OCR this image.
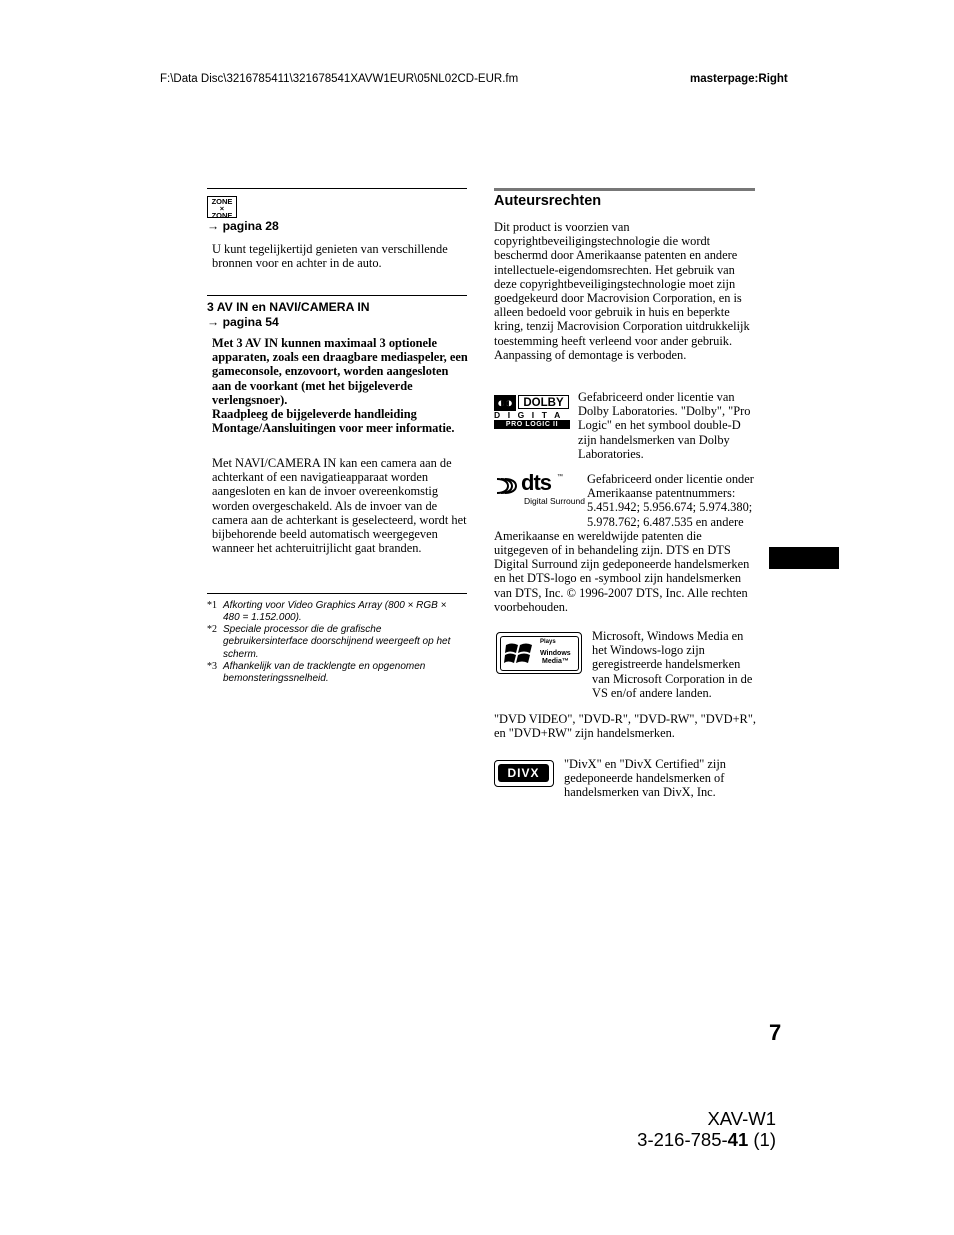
F:\Data Disc\3216785411\321678541XAVW1EUR\05NL02CD-EUR.fm	masterpage:Right
ZONE
×
ZONE
→ pagina 28

U kunt tegelijkertijd genieten van verschillende bronnen voor en achter in de auto.

3 AV IN en NAVI/CAMERA IN
→ pagina 54

Met 3 AV IN kunnen maximaal 3 optionele apparaten, zoals een draagbare mediaspeler, een gameconsole, enzovoort, worden aangesloten aan de voorkant (met het bijgeleverde verlengsnoer).

Raadpleeg de bijgeleverde handleiding Montage/Aansluitingen voor meer informatie.

Met NAVI/CAMERA IN kan een camera aan de achterkant of een navigatieapparaat worden aangesloten en kan de invoer overeenkomstig worden overgeschakeld. Als de invoer van de camera aan de achterkant is geselecteerd, wordt het bijbehorende beeld automatisch weergegeven wanneer het achteruitrijlicht gaat branden.

*1 Afkorting voor Video Graphics Array (800 × RGB × 480 = 1.152.000).

*2 Speciale processor die de grafische gebruikersinterface doorschijnend weergeeft op het scherm.

*3 Afhankelijk van de tracklengte en opgenomen bemonsteringssnelheid.

Auteursrechten

Dit product is voorzien van copyrightbeveiligingstechnologie die wordt beschermd door Amerikaanse patenten en andere intellectuele-eigendomsrechten. Het gebruik van deze copyrightbeveiligingstechnologie moet zijn goedgekeurd door Macrovision Corporation, en is alleen bedoeld voor gebruik in huis en beperkte kring, tenzij Macrovision Corporation uitdrukkelijk toestemming heeft verleend voor ander gebruik. Aanpassing of demontage is verboden.

◐◑ DOLBY
D I G I T A
PRO LOGIC II

Gefabriceerd onder licentie van Dolby Laboratories. "Dolby", "Pro Logic" en het symbool double-D zijn handelsmerken van Dolby Laboratories.

dts ™
Digital Surround

Gefabriceerd onder licentie onder Amerikaanse patentnummers: 5.451.942; 5.956.674; 5.974.380; 5.978.762; 6.487.535 en andere Amerikaanse en wereldwijde patenten die uitgegeven of in behandeling zijn. DTS en DTS Digital Surround zijn gedeponeerde handelsmerken en het DTS-logo en -symbool zijn handelsmerken van DTS, Inc. © 1996-2007 DTS, Inc. Alle rechten voorbehouden.

Plays
Windows
Media™

Microsoft, Windows Media en het Windows-logo zijn geregistreerde handelsmerken van Microsoft Corporation in de VS en/of andere landen.

"DVD VIDEO", "DVD-R", "DVD-RW", "DVD+R", en "DVD+RW" zijn handelsmerken.

DIVX

"DivX" en "DivX Certified" zijn gedeponeerde handelsmerken of handelsmerken van DivX, Inc.

7
XAV-W1
3-216-785-41 (1)
